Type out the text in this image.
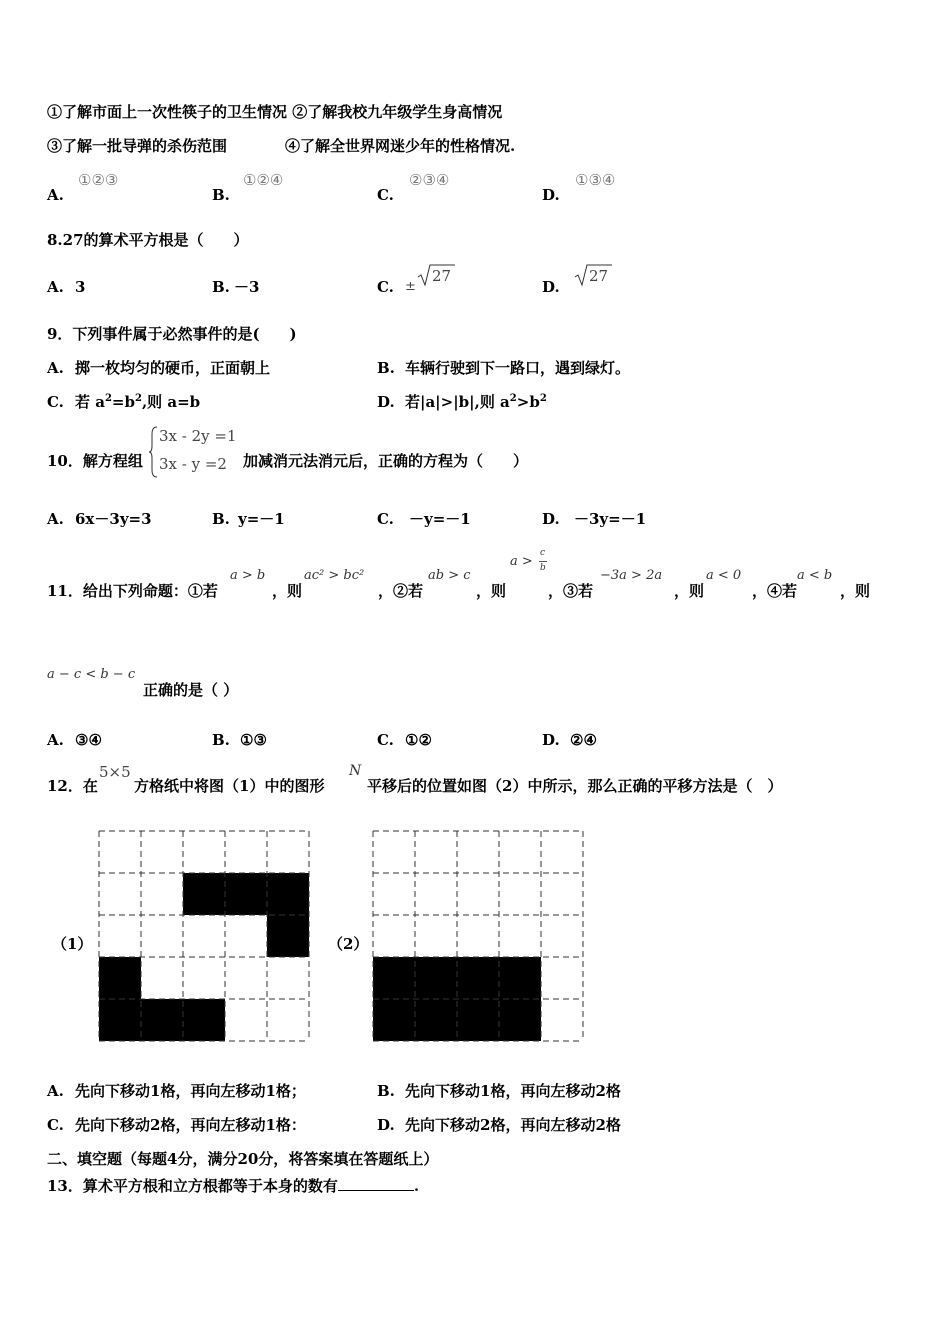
①了解市面上一次性筷子的卫生情况 ②了解我校九年级学生身高情况
③了解一批导弹的杀伤范围	④了解全世界网迷少年的性格情况.
A.
①②③
B.
①②④
C.
②③④
D.
①③④
8.27的算术平方根是（　　）
A. 3	B. －3	C. ±
27
D.
27
9．下列事件属于必然事件的是(　　)
A. 掷一枚均匀的硬币，正面朝上	B. 车辆行驶到下一路口，遇到绿灯。
C. 若 $a^2=b^2$,则 a=b	D. 若|a|>|b|,则 $a^2>b^2$
10．解方程组
3x - 2y =1
3x - y =2 加减消元法消元后，正确的方程为（　　）
A. 6x－3y=3	B. y=－1	C. －y=－1	D. －3y=－1
11．给出下列命题：①若
a > b
，则
ac² > bc²
，②若
ab > c
，则
a >
c
b
，③若
−3a > 2a
，则
a < 0
，④若
a < b
，则
a − c < b − c
正确的是（ ）
A. ③④	B. ①③	C. ①②	D. ②④
12．在
5×5
方格纸中将图（1）中的图形
N
平移后的位置如图（2）中所示，那么正确的平移方法是（　）
（1）	（2）
A. 先向下移动1格，再向左移动1格；	B. 先向下移动1格，再向左移动2格
C. 先向下移动2格，再向左移动1格：	D. 先向下移动2格，再向左移动2格
二、填空题（每题4分，满分20分，将答案填在答题纸上）
13．算术平方根和立方根都等于本身的数有	.
